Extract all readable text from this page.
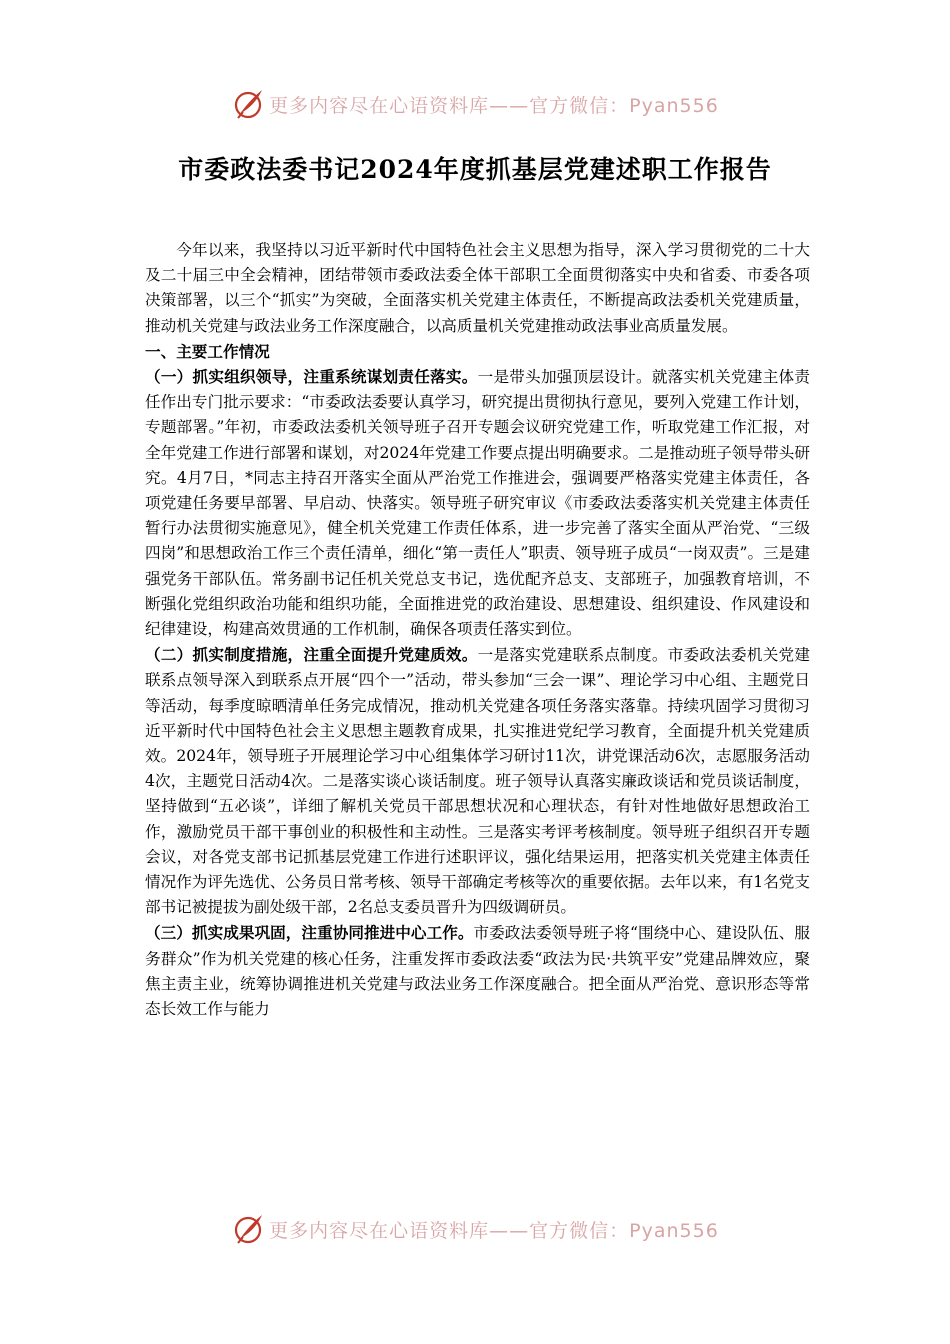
更多内容尽在心语资料库——官方微信：Pyan556
市委政法委书记2024年度抓基层党建述职工作报告

今年以来，我坚持以习近平新时代中国特色社会主义思想为指导，深入学习贯彻党的二十大及二十届三中全会精神，团结带领市委政法委全体干部职工全面贯彻落实中央和省委、市委各项决策部署，以三个“抓实”为突破，全面落实机关党建主体责任，不断提高政法委机关党建质量，推动机关党建与政法业务工作深度融合，以高质量机关党建推动政法事业高质量发展。

一、主要工作情况

（一）抓实组织领导，注重系统谋划责任落实。一是带头加强顶层设计。就落实机关党建主体责任作出专门批示要求：“市委政法委要认真学习，研究提出贯彻执行意见，要列入党建工作计划，专题部署。”年初，市委政法委机关领导班子召开专题会议研究党建工作，听取党建工作汇报，对全年党建工作进行部署和谋划，对2024年党建工作要点提出明确要求。二是推动班子领导带头研究。4月7日，*同志主持召开落实全面从严治党工作推进会，强调要严格落实党建主体责任，各项党建任务要早部署、早启动、快落实。领导班子研究审议《市委政法委落实机关党建主体责任暂行办法贯彻实施意见》，健全机关党建工作责任体系，进一步完善了落实全面从严治党、“三级四岗”和思想政治工作三个责任清单，细化“第一责任人”职责、领导班子成员“一岗双责”。三是建强党务干部队伍。常务副书记任机关党总支书记，选优配齐总支、支部班子，加强教育培训，不断强化党组织政治功能和组织功能，全面推进党的政治建设、思想建设、组织建设、作风建设和纪律建设，构建高效贯通的工作机制，确保各项责任落实到位。

（二）抓实制度措施，注重全面提升党建质效。一是落实党建联系点制度。市委政法委机关党建联系点领导深入到联系点开展“四个一”活动，带头参加“三会一课”、理论学习中心组、主题党日等活动，每季度晾晒清单任务完成情况，推动机关党建各项任务落实落靠。持续巩固学习贯彻习近平新时代中国特色社会主义思想主题教育成果，扎实推进党纪学习教育，全面提升机关党建质效。2024年，领导班子开展理论学习中心组集体学习研讨11次，讲党课活动6次，志愿服务活动4次，主题党日活动4次。二是落实谈心谈话制度。班子领导认真落实廉政谈话和党员谈话制度，坚持做到“五必谈”，详细了解机关党员干部思想状况和心理状态，有针对性地做好思想政治工作，激励党员干部干事创业的积极性和主动性。三是落实考评考核制度。领导班子组织召开专题会议，对各党支部书记抓基层党建工作进行述职评议，强化结果运用，把落实机关党建主体责任情况作为评先选优、公务员日常考核、领导干部确定考核等次的重要依据。去年以来，有1名党支部书记被提拔为副处级干部，2名总支委员晋升为四级调研员。

（三）抓实成果巩固，注重协同推进中心工作。市委政法委领导班子将“围绕中心、建设队伍、服务群众”作为机关党建的核心任务，注重发挥市委政法委“政法为民·共筑平安”党建品牌效应，聚焦主责主业，统筹协调推进机关党建与政法业务工作深度融合。把全面从严治党、意识形态等常态长效工作与能力

更多内容尽在心语资料库——官方微信：Pyan556
